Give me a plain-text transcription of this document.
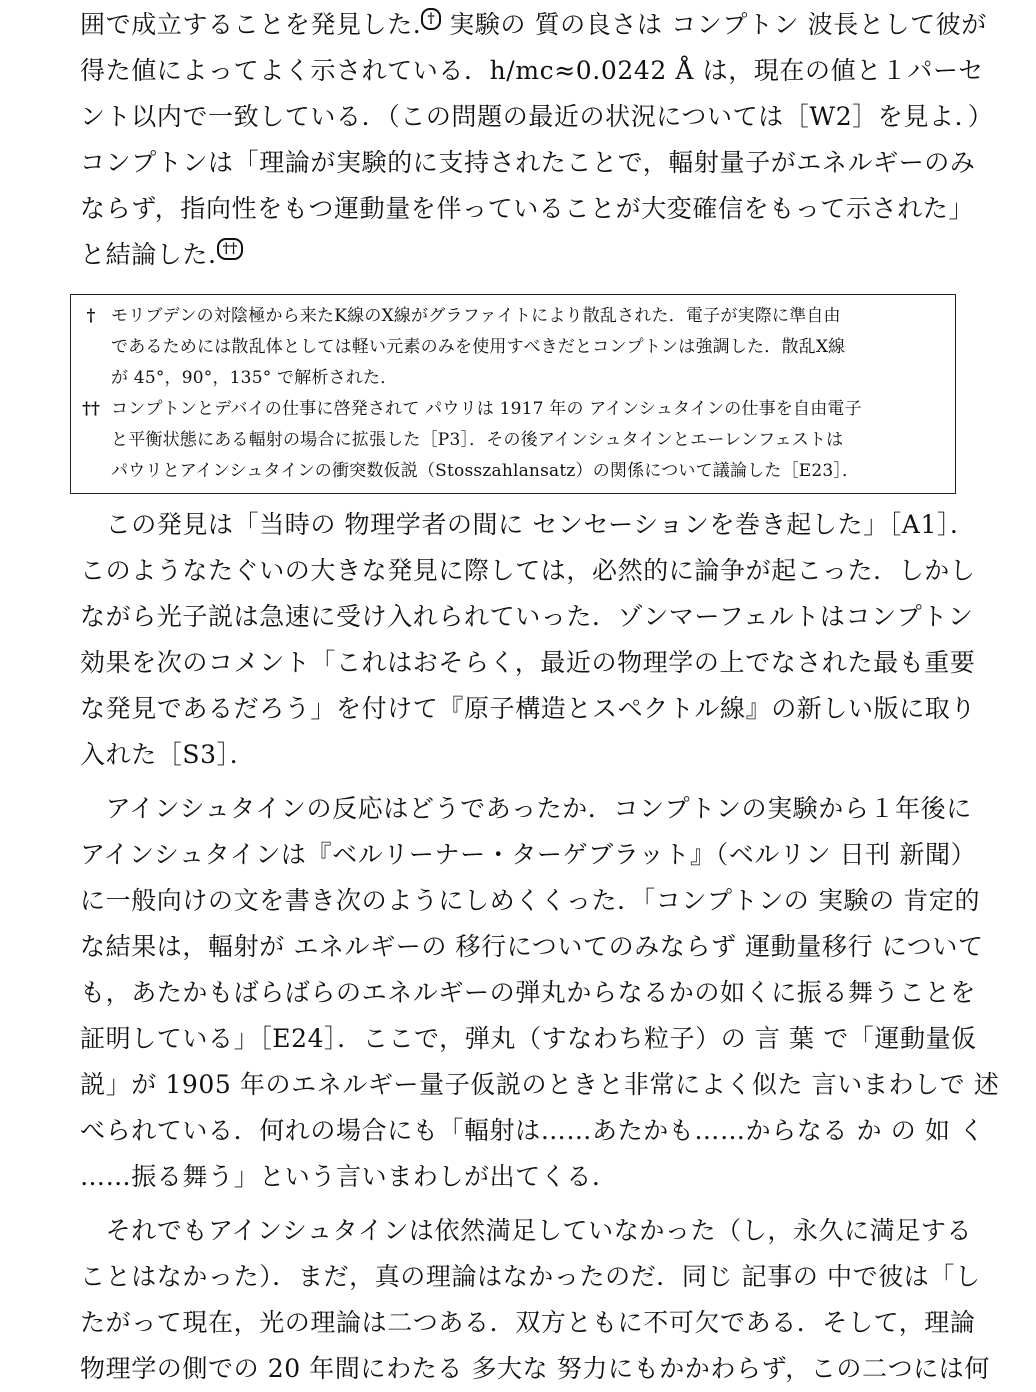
囲で成立することを発見した. † 実験の 質の良さは コンプトン 波長として彼が
得た値によってよく示されている．h/mc≈0.0242 Å は，現在の値と１パーセ
ント以内で一致している．（この問題の最近の状況については［W2］を見よ．）
コンプトンは「理論が実験的に支持されたことで，輻射量子がエネルギーのみ
ならず，指向性をもつ運動量を伴っていることが大変確信をもって示された」
と結論した. ††
† モリブデンの対陰極から来たK線のX線がグラファイトにより散乱された．電子が実際に準自由
であるためには散乱体としては軽い元素のみを使用すべきだとコンプトンは強調した．散乱X線
が 45°，90°，135° で解析された．
†† コンプトンとデバイの仕事に啓発されて パウリは 1917 年の アインシュタインの仕事を自由電子
と平衡状態にある輻射の場合に拡張した［P3］．その後アインシュタインとエーレンフェストは
パウリとアインシュタインの衝突数仮説（Stosszahlansatz）の関係について議論した［E23］．
　この発見は「当時の 物理学者の間に センセーションを巻き起した」［A1］．
このようなたぐいの大きな発見に際しては，必然的に論争が起こった．しかし
ながら光子説は急速に受け入れられていった．ゾンマーフェルトはコンプトン
効果を次のコメント「これはおそらく，最近の物理学の上でなされた最も重要
な発見であるだろう」を付けて『原子構造とスペクトル線』の新しい版に取り
入れた［S3］．
　アインシュタインの反応はどうであったか．コンプトンの実験から１年後に
アインシュタインは『ベルリーナー・ターゲブラット』（ベルリン 日刊 新聞）
に一般向けの文を書き次のようにしめくくった．「コンプトンの 実験の 肯定的
な結果は，輻射が エネルギーの 移行についてのみならず 運動量移行 について
も，あたかもばらばらのエネルギーの弾丸からなるかの如くに振る舞うことを
証明している」［E24］．ここで，弾丸（すなわち粒子）の 言 葉 で「運動量仮
説」が 1905 年のエネルギー量子仮説のときと非常によく似た 言いまわしで 述
べられている．何れの場合にも「輻射は……あたかも……からなる か の 如 く
……振る舞う」という言いまわしが出てくる．
　それでもアインシュタインは依然満足していなかった（し，永久に満足する
ことはなかった）．まだ，真の理論はなかったのだ．同じ 記事の 中で彼は「し
たがって現在，光の理論は二つある．双方ともに不可欠である．そして，理論
物理学の側での 20 年間にわたる 多大な 努力にもかかわらず，この二つには何
